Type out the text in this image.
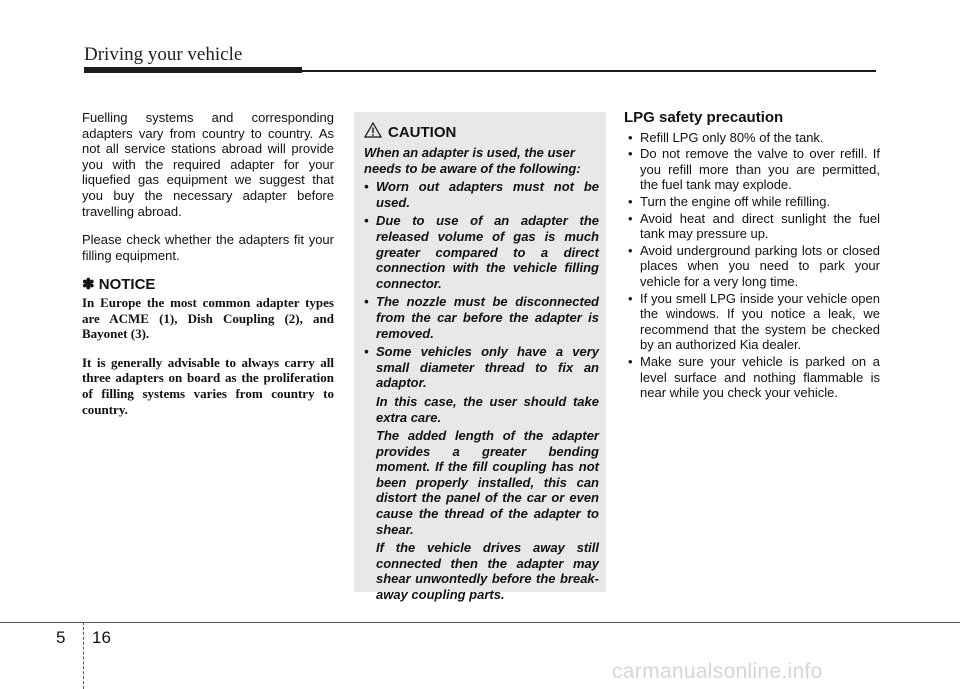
Driving your vehicle

Fuelling systems and corresponding adapters vary from country to country. As not all service stations abroad will provide you with the required adapter for your liquefied gas equipment we suggest that you buy the necessary adapter before travelling abroad.

Please check whether the adapters fit your filling equipment.

✽ NOTICE

In Europe the most common adapter types are ACME (1), Dish Coupling (2), and Bayonet (3).

It is generally advisable to always carry all three adapters on board as the proliferation of filling systems varies from country to country.

CAUTION

When an adapter is used, the user needs to be aware of the following:

• Worn out adapters must not be used.
• Due to use of an adapter the released volume of gas is much greater compared to a direct connection with the vehicle filling connector.
• The nozzle must be disconnected from the car before the adapter is removed.
• Some vehicles only have a very small diameter thread to fix an adaptor.

In this case, the user should take extra care.

The added length of the adapter provides a greater bending moment. If the fill coupling has not been properly installed, this can distort the panel of the car or even cause the thread of the adapter to shear.

If the vehicle drives away still connected then the adapter may shear unwontedly before the break-away coupling parts.

LPG safety precaution
• Refill LPG only 80% of the tank.
• Do not remove the valve to over refill. If you refill more than you are permitted, the fuel tank may explode.
• Turn the engine off while refilling.
• Avoid heat and direct sunlight the fuel tank may pressure up.
• Avoid underground parking lots or closed places when you need to park your vehicle for a very long time.
• If you smell LPG inside your vehicle open the windows. If you notice a leak, we recommend that the system be checked by an authorized Kia dealer.
• Make sure your vehicle is parked on a level surface and nothing flammable is near while you check your vehicle.
5 16
carmanualsonline.info
